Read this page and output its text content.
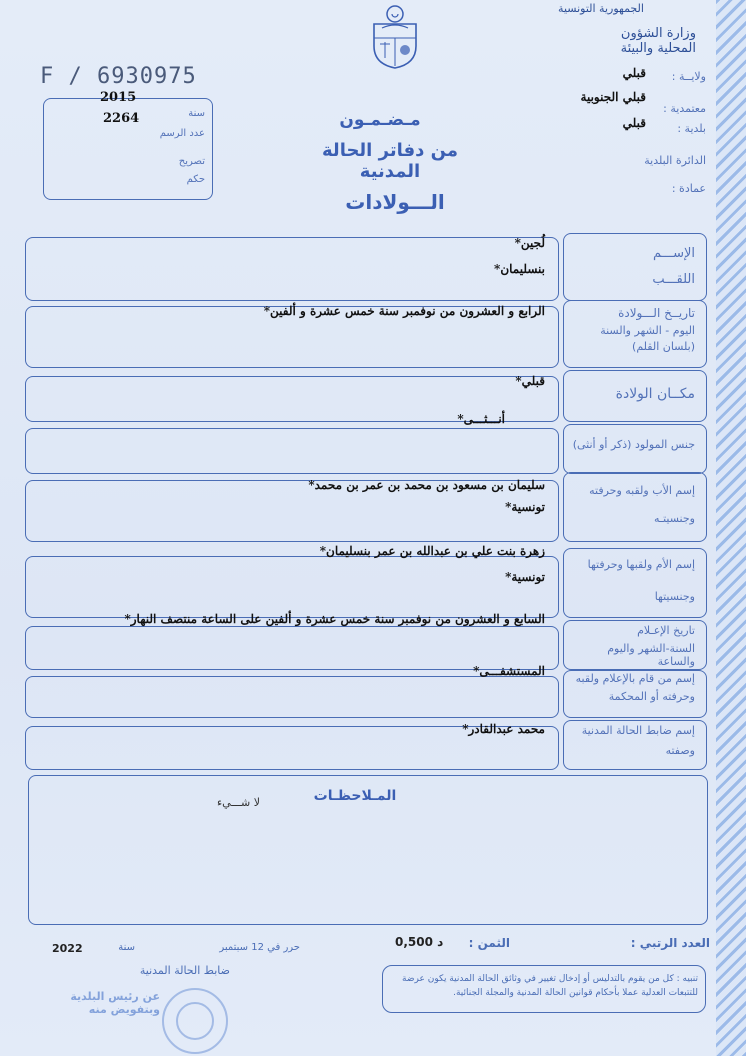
الجمهورية التونسية
وزارة الشؤون المحلية والبيئة
ولايــة :
قبلي
معتمدية :
قبلي الجنوبية
بلدية :
قبلي
الدائرة البلدية
عمادة :
F / 6930975
2015
سنة
2264
عدد الرسم
تصريح
حكم
مـضـمـون
من دفاتر الحالة المدنية
الـــولادات
الإســـم
اللقـــب
لُجين*
بنسليمان*
تاريــخ الـــولادة
اليوم - الشهر والسنة
(بلسان القلم)
الرابع و العشرون من نوفمبر سنة خمس عشرة و ألفين*
مكــان الولادة
قبلي*
جنس المولود (ذكر أو أنثى)
أنـــثـــى*
إسم الأب ولقبه وحرفته
وجنسيتـه
سليمان بن مسعود بن محمد بن عمر بن محمد*
تونسية*
إسم الأم ولقبها وحرفتها
وجنسيتها
زهرة بنت علي بن عبدالله بن عمر بنسليمان*
تونسية*
تاريخ الإعـلام
السنة-الشهر واليوم والساعة
السابع و العشرون من نوفمبر سنة خمس عشرة و ألفين على الساعة منتصف النهار*
إسم من قام بالإعلام ولقبه
وحرفته أو المحكمة
المستشفـــى*
إسم ضابط الحالة المدنية
وصفته
محمد عبدالقادر*
المـلاحظـات
لا شـــيء
العدد الرتبي :
الثمن :
0,500 د
حرر في 12 سبتمبر
سنة
2022
ضابط الحالة المدنية
تنبيه : كل من يقوم بالتدليس أو إدخال تغيير في وثائق الحالة المدنية يكون عرضة للتتبعات العدلية عملا بأحكام قوانين الحالة المدنية والمجلة الجنائية.
عن رئيس البلدية وبتفويض منه
